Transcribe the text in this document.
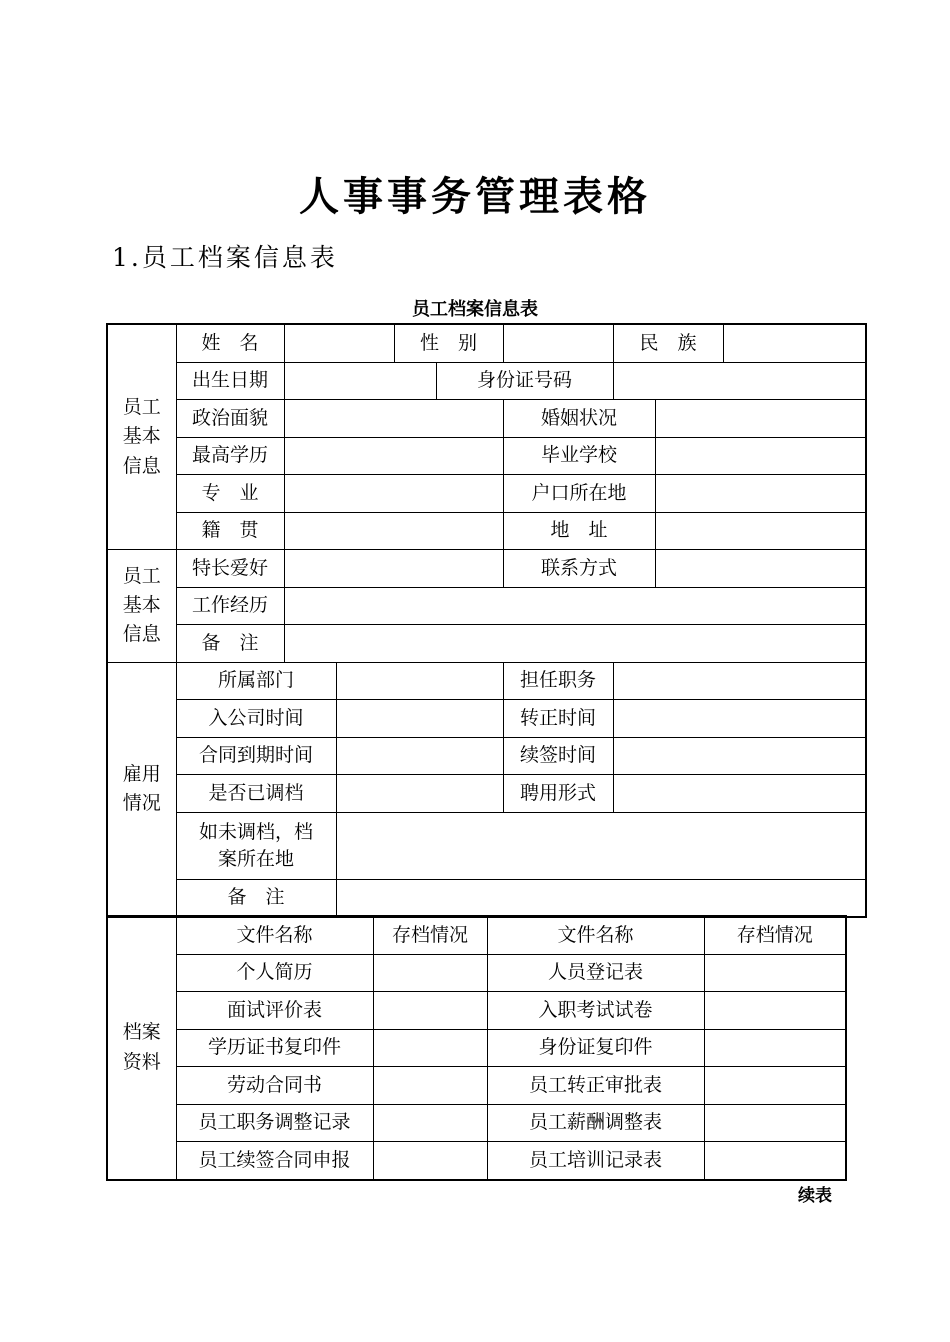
人事事务管理表格
1.员工档案信息表
员工档案信息表
员工
基本
信息	姓　名			性　别			民　族		
	出生日期				身份证号码				
	政治面貌					婚姻状况			
	最高学历					毕业学校			
	专　业					户口所在地			
	籍　贯					地　址			
员工
基本
信息	特长爱好					联系方式			
	工作经历								
	备　注								
雇用
情况	所属部门					担任职务			
	入公司时间					转正时间			
	合同到期时间					续签时间			
	是否已调档					聘用形式			
	如未调档，档
案所在地								
	备　注								
档案
资料	文件名称	存档情况	文件名称	存档情况
	个人简历		人员登记表	
	面试评价表		入职考试试卷	
	学历证书复印件		身份证复印件	
	劳动合同书		员工转正审批表	
	员工职务调整记录		员工薪酬调整表	
	员工续签合同申报		员工培训记录表	
续表
